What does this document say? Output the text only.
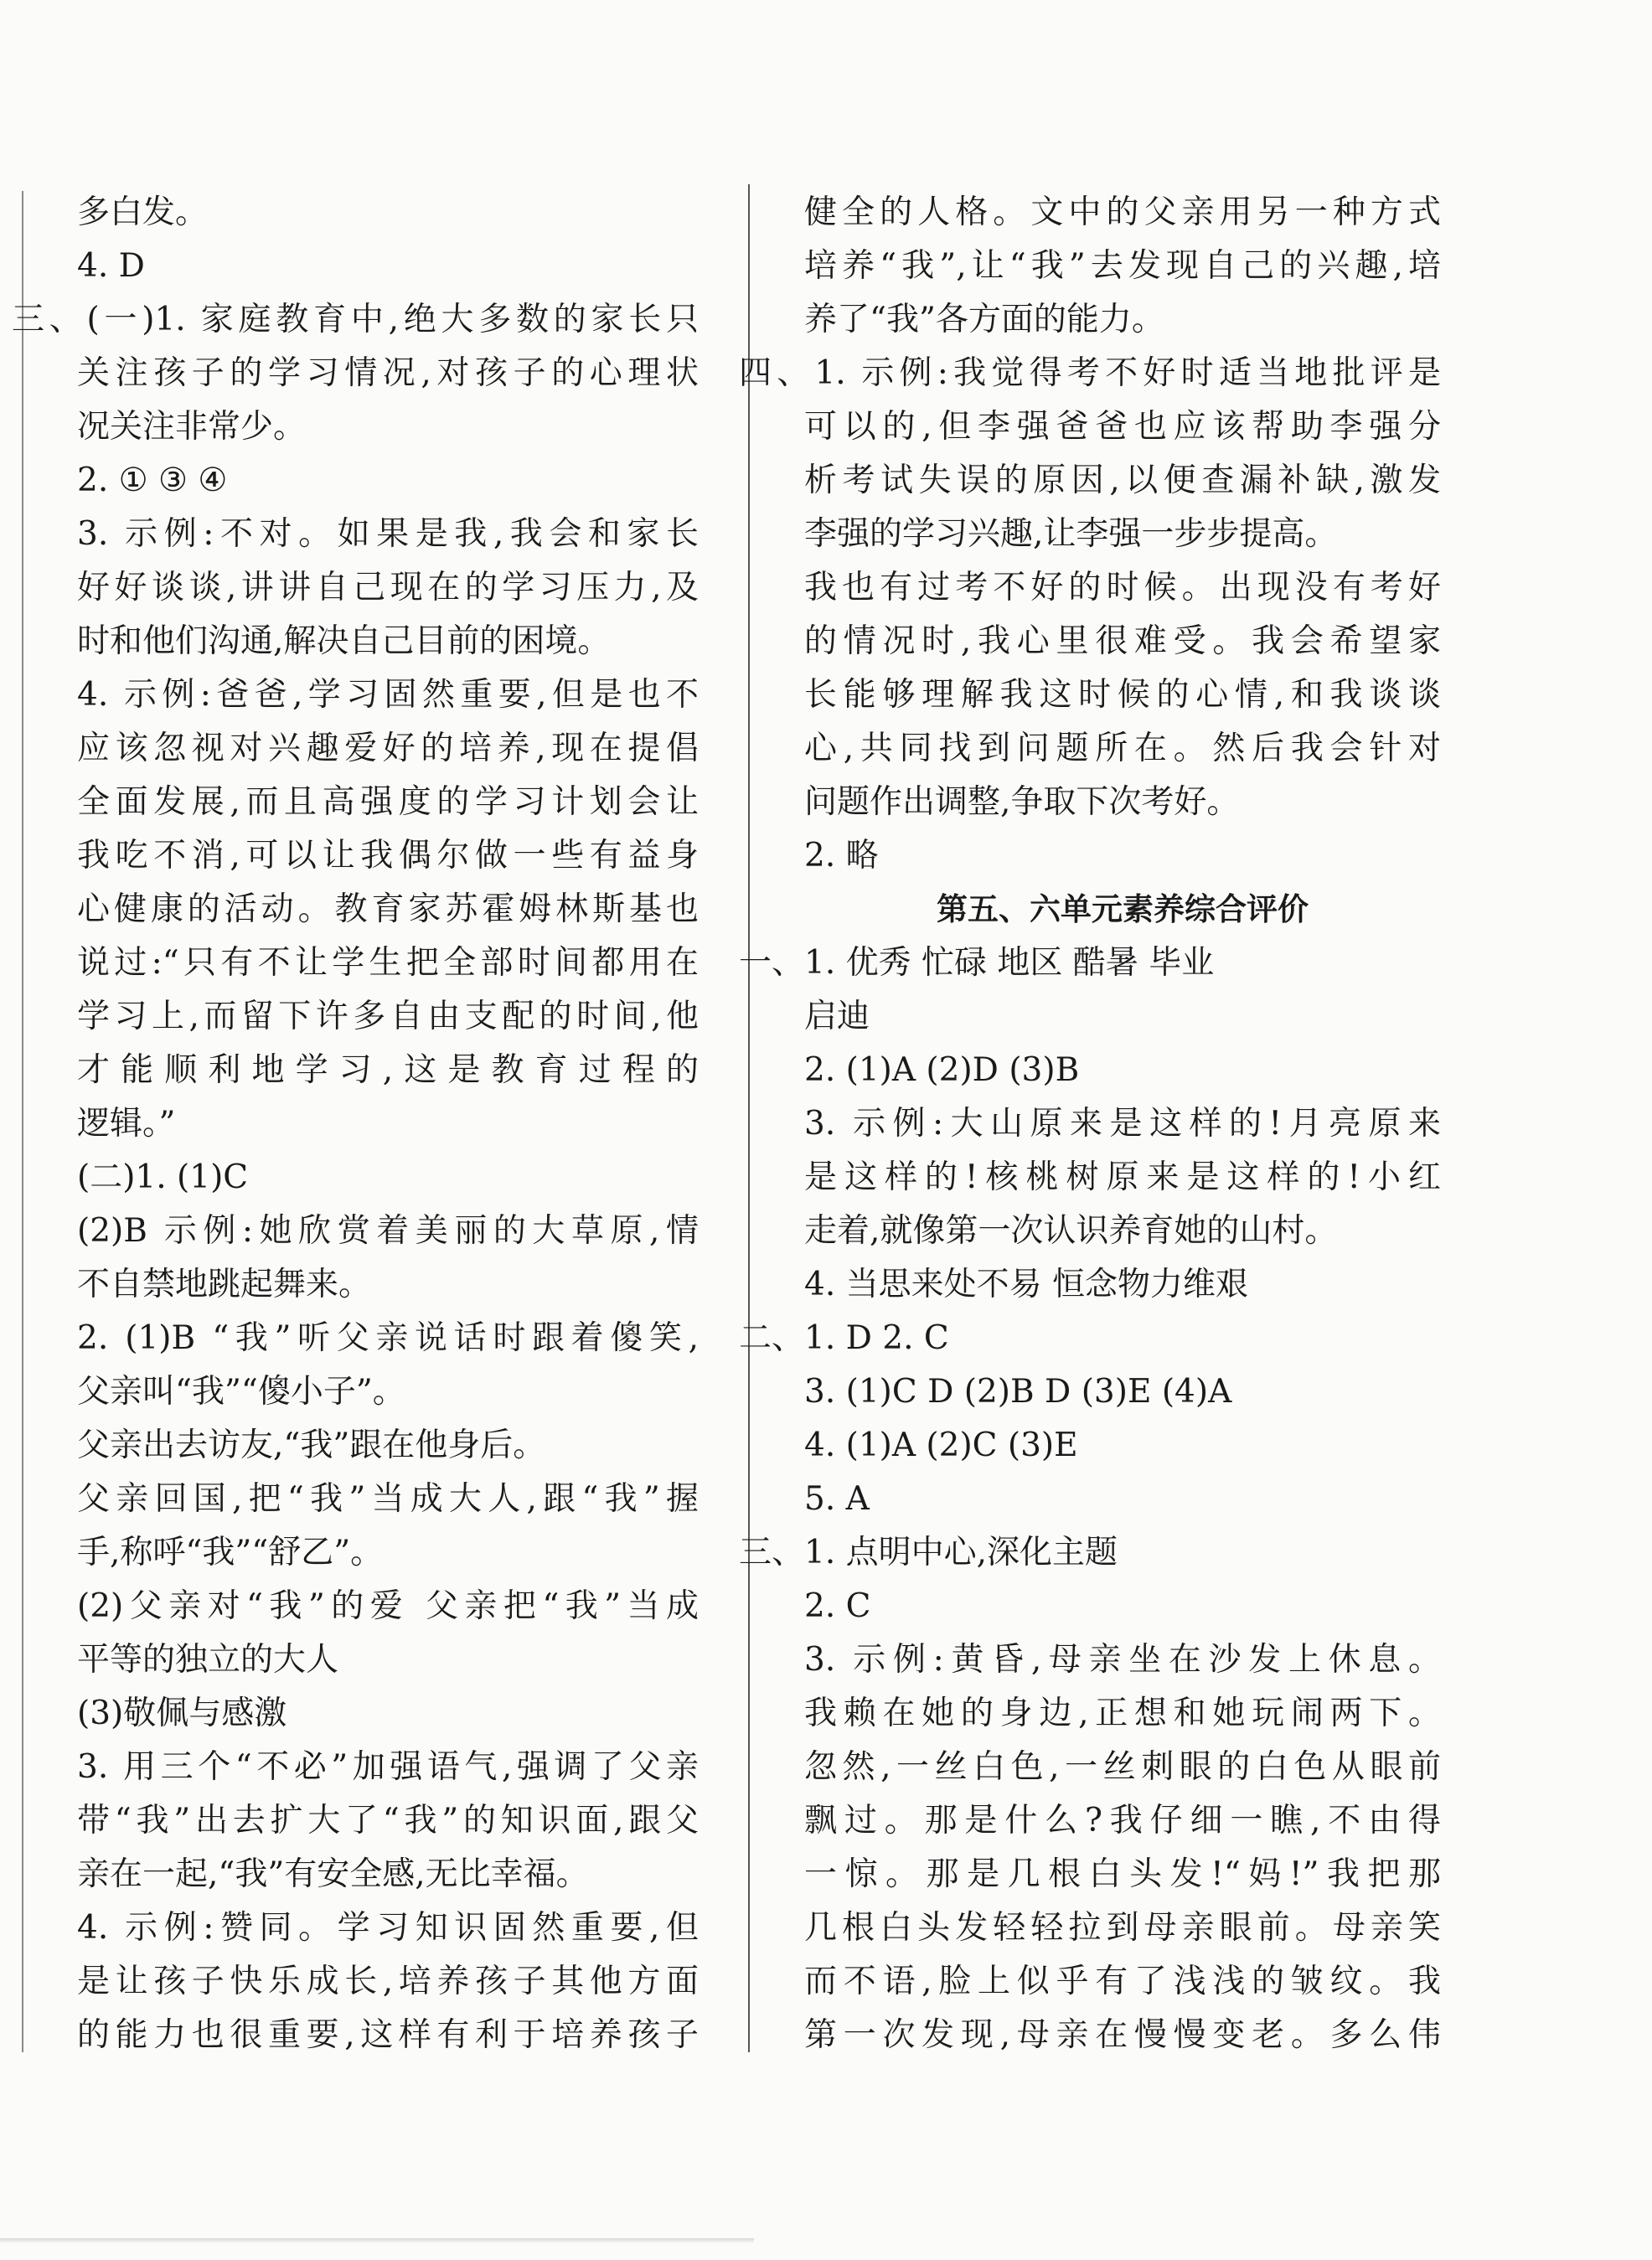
多白发。
4. D
三、(一)1. 家庭教育中,绝大多数的家长只
关注孩子的学习情况,对孩子的心理状
况关注非常少。
2. ① ③ ④
3. 示例:不对。如果是我,我会和家长
好好谈谈,讲讲自己现在的学习压力,及
时和他们沟通,解决自己目前的困境。
4. 示例:爸爸,学习固然重要,但是也不
应该忽视对兴趣爱好的培养,现在提倡
全面发展,而且高强度的学习计划会让
我吃不消,可以让我偶尔做一些有益身
心健康的活动。教育家苏霍姆林斯基也
说过:“只有不让学生把全部时间都用在
学习上,而留下许多自由支配的时间,他
才能顺利地学习,这是教育过程的
逻辑。”
(二)1. (1)C
(2)B 示例:她欣赏着美丽的大草原,情
不自禁地跳起舞来。
2. (1)B “我”听父亲说话时跟着傻笑,
父亲叫“我”“傻小子”。
父亲出去访友,“我”跟在他身后。
父亲回国,把“我”当成大人,跟“我”握
手,称呼“我”“舒乙”。
(2)父亲对“我”的爱 父亲把“我”当成
平等的独立的大人
(3)敬佩与感激
3. 用三个“不必”加强语气,强调了父亲
带“我”出去扩大了“我”的知识面,跟父
亲在一起,“我”有安全感,无比幸福。
4. 示例:赞同。学习知识固然重要,但
是让孩子快乐成长,培养孩子其他方面
的能力也很重要,这样有利于培养孩子
健全的人格。文中的父亲用另一种方式
培养“我”,让“我”去发现自己的兴趣,培
养了“我”各方面的能力。
四、1. 示例:我觉得考不好时适当地批评是
可以的,但李强爸爸也应该帮助李强分
析考试失误的原因,以便查漏补缺,激发
李强的学习兴趣,让李强一步步提高。
我也有过考不好的时候。出现没有考好
的情况时,我心里很难受。我会希望家
长能够理解我这时候的心情,和我谈谈
心,共同找到问题所在。然后我会针对
问题作出调整,争取下次考好。
2. 略
第五、六单元素养综合评价
一、1. 优秀 忙碌 地区 酷暑 毕业
启迪
2. (1)A (2)D (3)B
3. 示例:大山原来是这样的!月亮原来
是这样的!核桃树原来是这样的!小红
走着,就像第一次认识养育她的山村。
4. 当思来处不易 恒念物力维艰
二、1. D 2. C
3. (1)C D (2)B D (3)E (4)A
4. (1)A (2)C (3)E
5. A
三、1. 点明中心,深化主题
2. C
3. 示例:黄昏,母亲坐在沙发上休息。
我赖在她的身边,正想和她玩闹两下。
忽然,一丝白色,一丝刺眼的白色从眼前
飘过。那是什么?我仔细一瞧,不由得
一惊。那是几根白头发!“妈!”我把那
几根白头发轻轻拉到母亲眼前。母亲笑
而不语,脸上似乎有了浅浅的皱纹。我
第一次发现,母亲在慢慢变老。多么伟
